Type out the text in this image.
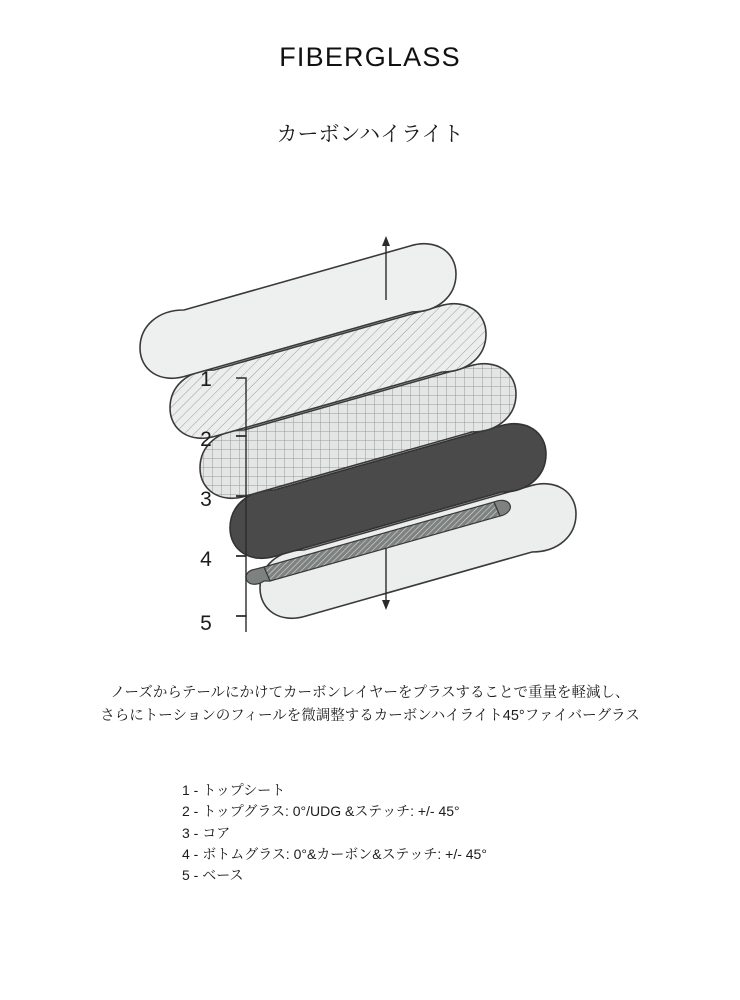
FIBERGLASS
カーボンハイライト
1
2
3
4
5
ノーズからテールにかけてカーボンレイヤーをプラスすることで重量を軽減し、
さらにトーションのフィールを微調整するカーボンハイライト45°ファイバーグラス
1 - トップシート
2 - トップグラス: 0°/UDG &ステッチ: +/- 45°
3 - コア
4 - ボトムグラス: 0°&カーボン&ステッチ: +/- 45°
5 - ベース
